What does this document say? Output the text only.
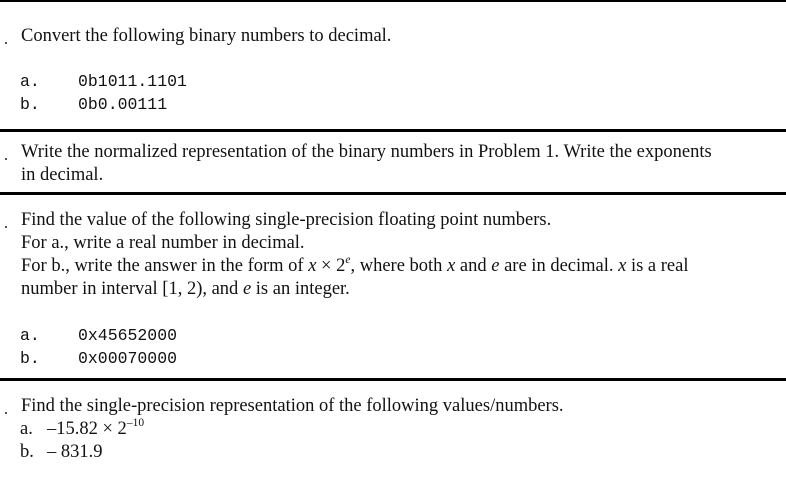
Convert the following binary numbers to decimal.
a. 0b1011.1101
b. 0b0.00111
Write the normalized representation of the binary numbers in Problem 1. Write the exponents
in decimal.
Find the value of the following single-precision floating point numbers.
For a., write a real number in decimal.
For b., write the answer in the form of $x \times 2^e$, where both x and e are in decimal. x is a real
number in interval [1, 2), and e is an integer.
a. 0x45652000
b. 0x00070000
Find the single-precision representation of the following values/numbers.
a. $-15.82 \times 2^{-10}$
b. – 831.9
